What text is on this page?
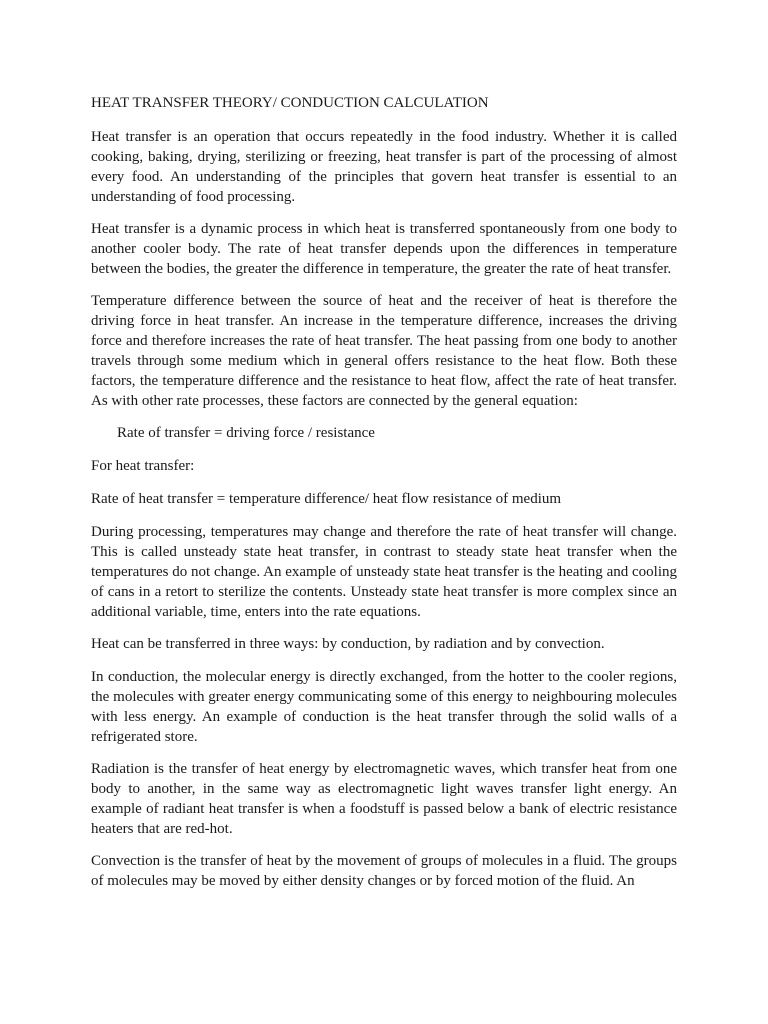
HEAT TRANSFER THEORY/ CONDUCTION CALCULATION

Heat transfer is an operation that occurs repeatedly in the food industry. Whether it is called cooking, baking, drying, sterilizing or freezing, heat transfer is part of the processing of almost every food. An understanding of the principles that govern heat transfer is essential to an understanding of food processing.

Heat transfer is a dynamic process in which heat is transferred spontaneously from one body to another cooler body. The rate of heat transfer depends upon the differences in temperature between the bodies, the greater the difference in temperature, the greater the rate of heat transfer.

Temperature difference between the source of heat and the receiver of heat is therefore the driving force in heat transfer. An increase in the temperature difference, increases the driving force and therefore increases the rate of heat transfer. The heat passing from one body to another travels through some medium which in general offers resistance to the heat flow. Both these factors, the temperature difference and the resistance to heat flow, affect the rate of heat transfer. As with other rate processes, these factors are connected by the general equation:

Rate of transfer = driving force / resistance

For heat transfer:

Rate of heat transfer = temperature difference/ heat flow resistance of medium

During processing, temperatures may change and therefore the rate of heat transfer will change. This is called unsteady state heat transfer, in contrast to steady state heat transfer when the temperatures do not change. An example of unsteady state heat transfer is the heating and cooling of cans in a retort to sterilize the contents. Unsteady state heat transfer is more complex since an additional variable, time, enters into the rate equations.

Heat can be transferred in three ways: by conduction, by radiation and by convection.

In conduction, the molecular energy is directly exchanged, from the hotter to the cooler regions, the molecules with greater energy communicating some of this energy to neighbouring molecules with less energy. An example of conduction is the heat transfer through the solid walls of a refrigerated store.

Radiation is the transfer of heat energy by electromagnetic waves, which transfer heat from one body to another, in the same way as electromagnetic light waves transfer light energy. An example of radiant heat transfer is when a foodstuff is passed below a bank of electric resistance heaters that are red-hot.

Convection is the transfer of heat by the movement of groups of molecules in a fluid. The groups of molecules may be moved by either density changes or by forced motion of the fluid. An
